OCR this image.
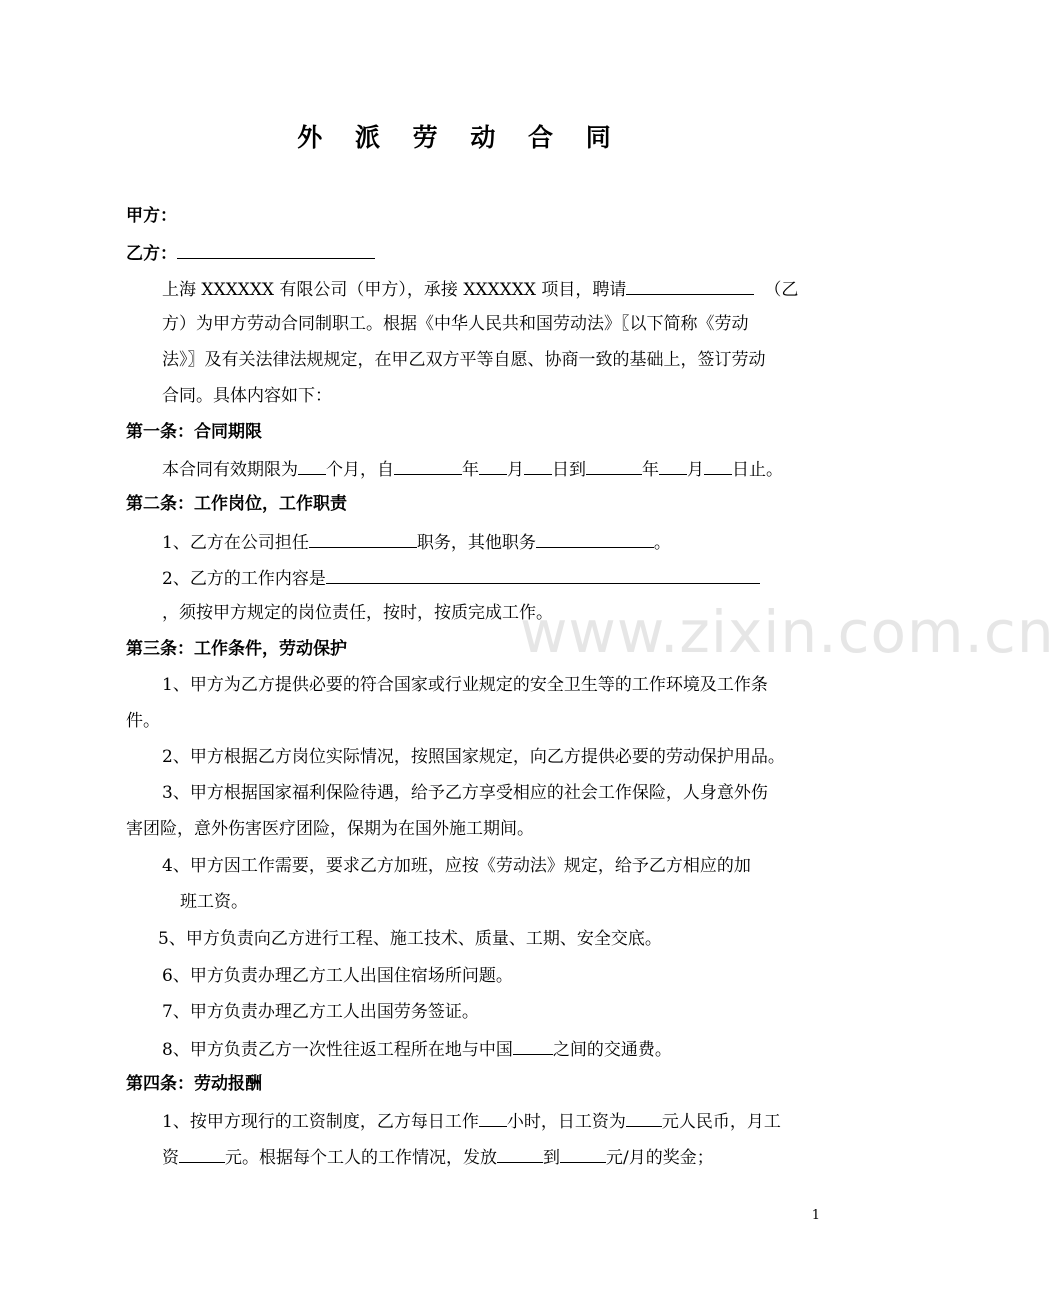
外 派 劳 动 合 同
甲方：
乙方：
上海 XXXXXX 有限公司（甲方），承接 XXXXXX 项目，聘请	（乙
方）为甲方劳动合同制职工。根据《中华人民共和国劳动法》〖以下简称《劳动
法》〗及有关法律法规规定，在甲乙双方平等自愿、协商一致的基础上，签订劳动
合同。具体内容如下：
第一条：合同期限
本合同有效期限为 个月，自	年 月 日到	年 月 日止。
第二条：工作岗位，工作职责
1、乙方在公司担任	职务，其他职务	。
2、乙方的工作内容是
，须按甲方规定的岗位责任，按时，按质完成工作。
第三条：工作条件，劳动保护
1、甲方为乙方提供必要的符合国家或行业规定的安全卫生等的工作环境及工作条
件。
2、甲方根据乙方岗位实际情况，按照国家规定，向乙方提供必要的劳动保护用品。
3、甲方根据国家福利保险待遇，给予乙方享受相应的社会工作保险，人身意外伤
害团险，意外伤害医疗团险，保期为在国外施工期间。
4、甲方因工作需要，要求乙方加班，应按《劳动法》规定，给予乙方相应的加
班工资。
5、甲方负责向乙方进行工程、施工技术、质量、工期、安全交底。
6、甲方负责办理乙方工人出国住宿场所问题。
7、甲方负责办理乙方工人出国劳务签证。
8、甲方负责乙方一次性往返工程所在地与中国 之间的交通费。
第四条：劳动报酬
1、按甲方现行的工资制度，乙方每日工作 小时，日工资为 元人民币，月工
资	元。根据每个工人的工作情况，发放	到	元/月的奖金；
www.zixin.com.cn
1
